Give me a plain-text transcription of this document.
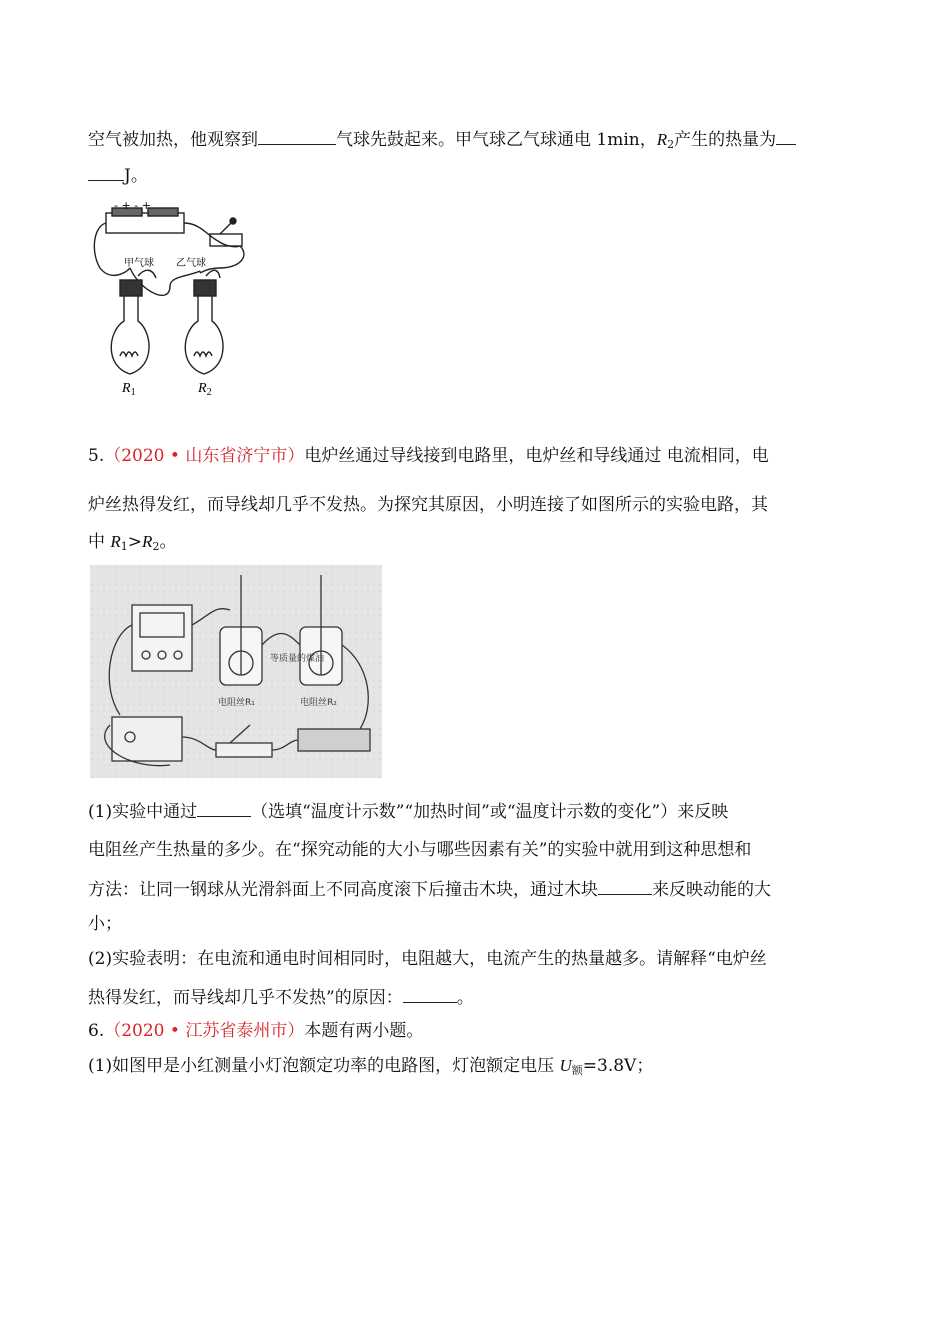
空气被加热，他观察到	气球先鼓起来。甲气球乙气球通电 1min，$R_2$产生的热量为
J。
- + - +
甲气球 乙气球
$R_1$	$R_2$
5.（2020 • 山东省济宁市）电炉丝通过导线接到电路里，电炉丝和导线通过 电流相同，电
炉丝热得发红，而导线却几乎不发热。为探究其原因，小明连接了如图所示的实验电路，其
中 $R_1>R_2$。
等质量的煤油
电阻丝R₁	电阻丝R₂
(1)实验中通过	（选填“温度计示数”“加热时间”或“温度计示数的变化”）来反映
电阻丝产生热量的多少。在“探究动能的大小与哪些因素有关”的实验中就用到这种思想和
方法：让同一钢球从光滑斜面上不同高度滚下后撞击木块，通过木块	来反映动能的大
小；
(2)实验表明：在电流和通电时间相同时，电阻越大，电流产生的热量越多。请解释“电炉丝
热得发红，而导线却几乎不发热”的原因：	。
6.（2020 • 江苏省泰州市）本题有两小题。
(1)如图甲是小红测量小灯泡额定功率的电路图，灯泡额定电压 $U_额=3.8V$；
